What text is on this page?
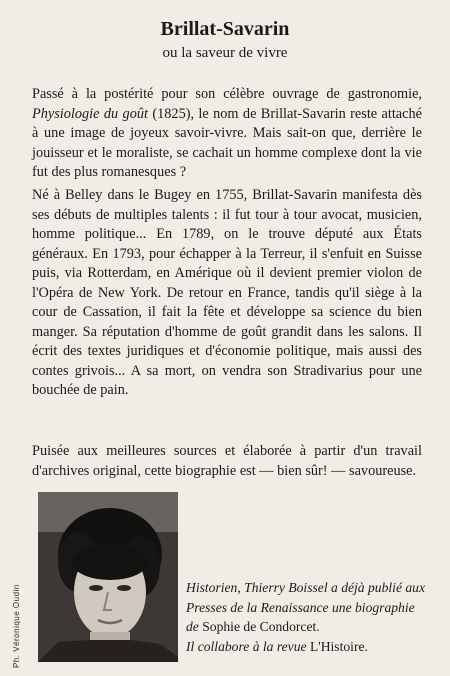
Brillat-Savarin
ou la saveur de vivre

Passé à la postérité pour son célèbre ouvrage de gastronomie, Physiologie du goût (1825), le nom de Brillat-Savarin reste attaché à une image de joyeux savoir-vivre. Mais sait-on que, derrière le jouisseur et le moraliste, se cachait un homme complexe dont la vie fut des plus romanesques ?

Né à Belley dans le Bugey en 1755, Brillat-Savarin manifesta dès ses débuts de multiples talents : il fut tour à tour avocat, musicien, homme politique... En 1789, on le trouve député aux États généraux. En 1793, pour échapper à la Terreur, il s'enfuit en Suisse puis, via Rotterdam, en Amérique où il devient premier violon de l'Opéra de New York. De retour en France, tandis qu'il siège à la cour de Cassation, il fait la fête et développe sa science du bien manger. Sa réputation d'homme de goût grandit dans les salons. Il écrit des textes juridiques et d'économie politique, mais aussi des contes grivois... A sa mort, on vendra son Stradivarius pour une bouchée de pain.

Puisée aux meilleures sources et élaborée à partir d'un travail d'archives original, cette biographie est — bien sûr! — savoureuse.

Ph. Véronique Oudin	Historien, Thierry Boissel a déjà publié aux Presses de la Renaissance une biographie de Sophie de Condorcet.
Il collabore à la revue L'Histoire.
